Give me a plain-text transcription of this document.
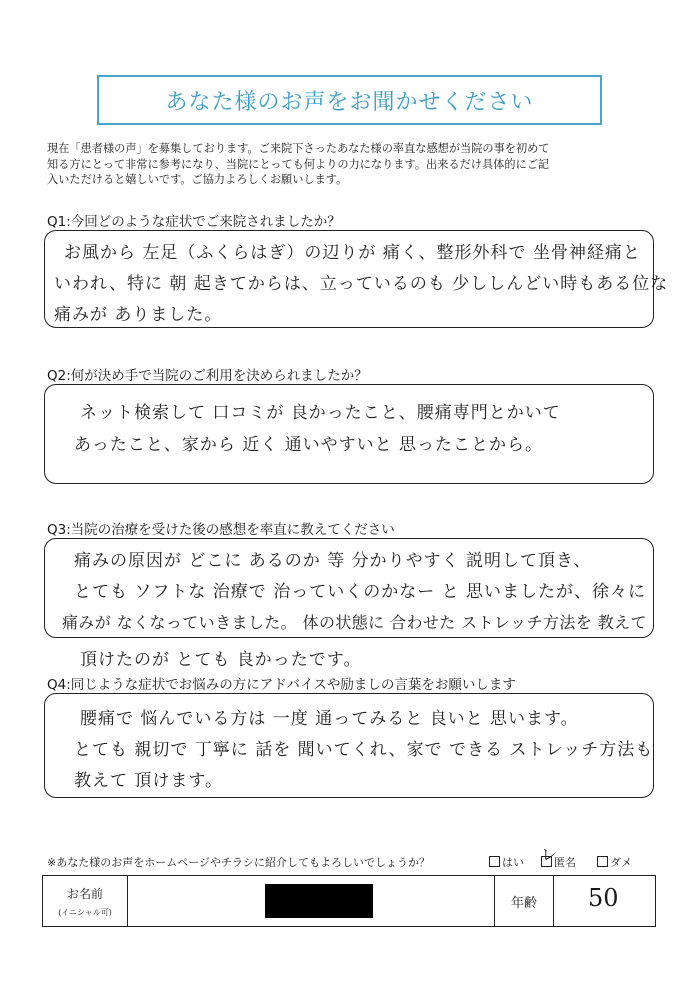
あなた様のお声をお聞かせください
現在「患者様の声」を募集しております。ご来院下さったあなた様の率直な感想が当院の事を初めて
知る方にとって非常に参考になり、当院にとっても何よりの力になります。出来るだけ具体的にご記
入いただけると嬉しいです。ご協力よろしくお願いします。
Q1:今回どのような症状でご来院されましたか？
お風から 左足（ふくらはぎ）の辺りが 痛く、整形外科で 坐骨神経痛と
いわれ、特に 朝 起きてからは、立っているのも 少ししんどい時もある位な
痛みが ありました。
Q2:何が決め手で当院のご利用を決められましたか？
ネット検索して 口コミが 良かったこと、腰痛専門とかいて
あったこと、家から 近く 通いやすいと 思ったことから。
Q3:当院の治療を受けた後の感想を率直に教えてください
痛みの原因が どこに あるのか 等 分かりやすく 説明して頂き、
とても ソフトな 治療で 治っていくのかなー と 思いましたが、徐々に
痛みが なくなっていきました。 体の状態に 合わせた ストレッチ方法を 教えて
頂けたのが とても 良かったです。
Q4:同じような症状でお悩みの方にアドバイスや励ましの言葉をお願いします
腰痛で 悩んでいる方は 一度 通ってみると 良いと 思います。
とても 親切で 丁寧に 話を 聞いてくれ、家で できる ストレッチ方法も
教えて 頂けます。
※あなた様のお声をホームページやチラシに紹介してもよろしいでしょうか？	はい	匿名	ダメ
レ
お名前
(イニシャル可)
		年齢	50
